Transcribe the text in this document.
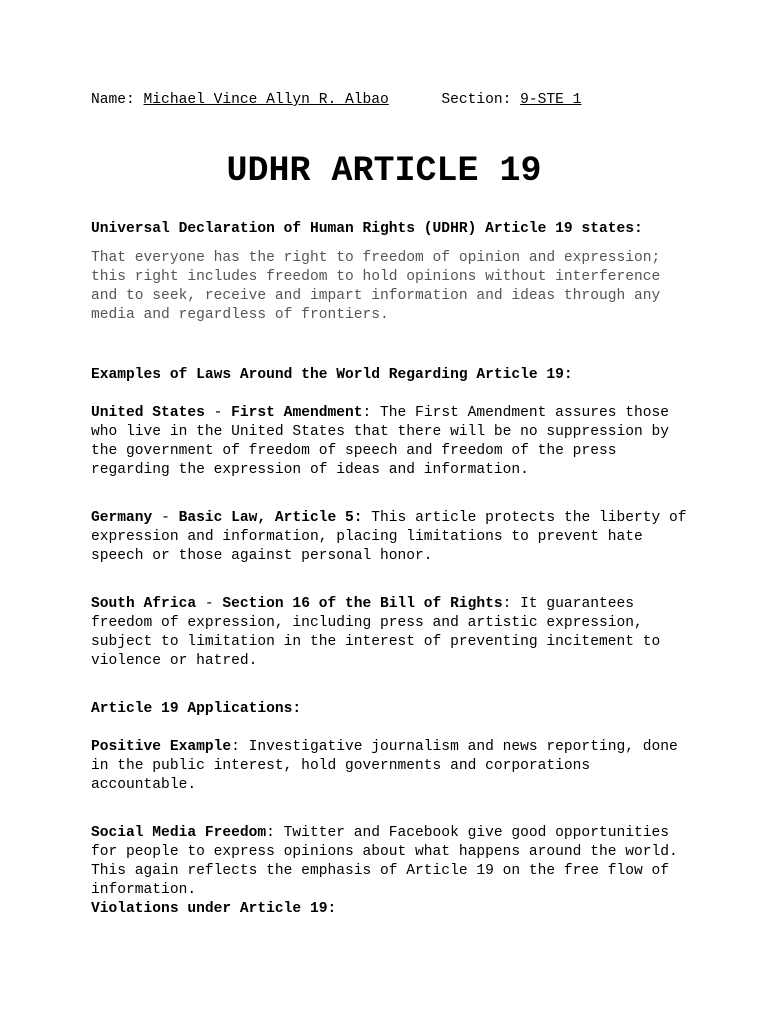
Name: Michael Vince Allyn R. Albao	Section: 9-STE 1
UDHR ARTICLE 19
Universal Declaration of Human Rights (UDHR) Article 19 states:
That everyone has the right to freedom of opinion and expression; this right includes freedom to hold opinions without interference and to seek, receive and impart information and ideas through any media and regardless of frontiers.
Examples of Laws Around the World Regarding Article 19:
United States - First Amendment: The First Amendment assures those who live in the United States that there will be no suppression by the government of freedom of speech and freedom of the press regarding the expression of ideas and information.
Germany - Basic Law, Article 5: This article protects the liberty of expression and information, placing limitations to prevent hate speech or those against personal honor.
South Africa - Section 16 of the Bill of Rights: It guarantees freedom of expression, including press and artistic expression, subject to limitation in the interest of preventing incitement to violence or hatred.
Article 19 Applications:
Positive Example: Investigative journalism and news reporting, done in the public interest, hold governments and corporations accountable.
Social Media Freedom: Twitter and Facebook give good opportunities for people to express opinions about what happens around the world. This again reflects the emphasis of Article 19 on the free flow of information.
Violations under Article 19:
